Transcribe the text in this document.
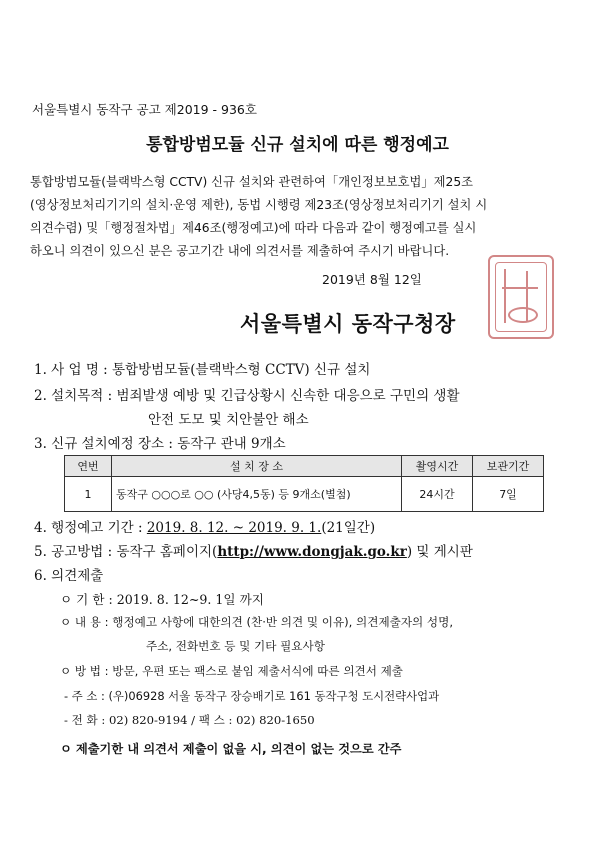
서울특별시 동작구 공고 제2019 - 936호
통합방범모듈 신규 설치에 따른 행정예고
통합방범모듈(블랙박스형 CCTV) 신규 설치와 관련하여「개인정보보호법」제25조
(영상정보처리기기의 설치·운영 제한), 동법 시행령 제23조(영상정보처리기기 설치 시
의견수렴) 및「행정절차법」제46조(행정예고)에 따라 다음과 같이 행정예고를 실시
하오니 의견이 있으신 분은 공고기간 내에 의견서를 제출하여 주시기 바랍니다.
2019년 8월 12일
서울특별시 동작구청장
1. 사 업 명 : 통합방범모듈(블랙박스형 CCTV) 신규 설치
2. 설치목적 : 범죄발생 예방 및 긴급상황시 신속한 대응으로 구민의 생활
안전 도모 및 치안불안 해소
3. 신규 설치예정 장소 : 동작구 관내 9개소
연번	설 치 장 소	촬영시간	보관기간
1	동작구 ○○○로 ○○ (사당4,5동) 등 9개소(별첨)	24시간	7일
4. 행정예고 기간 : 2019. 8. 12. ~ 2019. 9. 1.(21일간)
5. 공고방법 : 동작구 홈페이지(http://www.dongjak.go.kr) 및 게시판
6. 의견제출
ㅇ 기 한 : 2019. 8. 12~9. 1일 까지
ㅇ 내 용 : 행정예고 사항에 대한의견 (찬·반 의견 및 이유), 의견제출자의 성명,
주소, 전화번호 등 및 기타 필요사항
ㅇ 방 법 : 방문, 우편 또는 팩스로 붙임 제출서식에 따른 의견서 제출
- 주 소 : (우)06928 서울 동작구 장승배기로 161 동작구청 도시전략사업과
- 전 화 : 02) 820-9194 / 팩 스 : 02) 820-1650
ㅇ 제출기한 내 의견서 제출이 없을 시, 의견이 없는 것으로 간주
